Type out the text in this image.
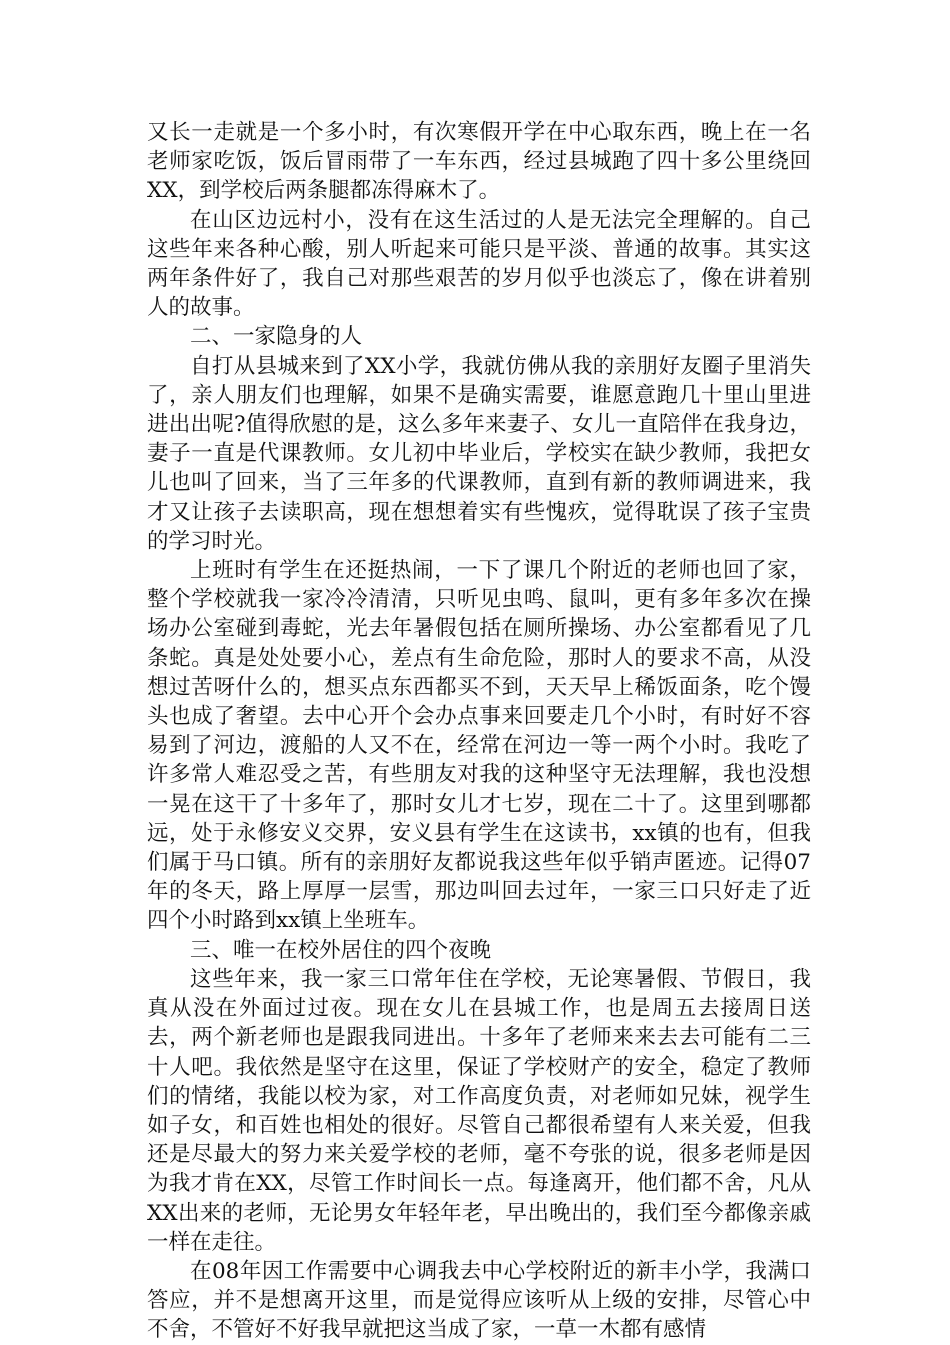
又长一走就是一个多小时，有次寒假开学在中心取东西，晚上在一名老师家吃饭，饭后冒雨带了一车东西，经过县城跑了四十多公里绕回XX，到学校后两条腿都冻得麻木了。

在山区边远村小，没有在这生活过的人是无法完全理解的。自己这些年来各种心酸，别人听起来可能只是平淡、普通的故事。其实这两年条件好了，我自己对那些艰苦的岁月似乎也淡忘了，像在讲着别人的故事。

二、一家隐身的人

自打从县城来到了XX小学，我就仿佛从我的亲朋好友圈子里消失了，亲人朋友们也理解，如果不是确实需要，谁愿意跑几十里山里进进出出呢?值得欣慰的是，这么多年来妻子、女儿一直陪伴在我身边，妻子一直是代课教师。女儿初中毕业后，学校实在缺少教师，我把女儿也叫了回来，当了三年多的代课教师，直到有新的教师调进来，我才又让孩子去读职高，现在想想着实有些愧疚，觉得耽误了孩子宝贵的学习时光。

上班时有学生在还挺热闹，一下了课几个附近的老师也回了家，整个学校就我一家冷冷清清，只听见虫鸣、鼠叫，更有多年多次在操场办公室碰到毒蛇，光去年暑假包括在厕所操场、办公室都看见了几条蛇。真是处处要小心，差点有生命危险，那时人的要求不高，从没想过苦呀什么的，想买点东西都买不到，天天早上稀饭面条，吃个馒头也成了奢望。去中心开个会办点事来回要走几个小时，有时好不容易到了河边，渡船的人又不在，经常在河边一等一两个小时。我吃了许多常人难忍受之苦，有些朋友对我的这种坚守无法理解，我也没想一晃在这干了十多年了，那时女儿才七岁，现在二十了。这里到哪都远，处于永修安义交界，安义县有学生在这读书，xx镇的也有，但我们属于马口镇。所有的亲朋好友都说我这些年似乎销声匿迹。记得07年的冬天，路上厚厚一层雪，那边叫回去过年，一家三口只好走了近四个小时路到xx镇上坐班车。

三、唯一在校外居住的四个夜晚

这些年来，我一家三口常年住在学校，无论寒暑假、节假日，我真从没在外面过过夜。现在女儿在县城工作，也是周五去接周日送去，两个新老师也是跟我同进出。十多年了老师来来去去可能有二三十人吧。我依然是坚守在这里，保证了学校财产的安全，稳定了教师们的情绪，我能以校为家，对工作高度负责，对老师如兄妹，视学生如子女，和百姓也相处的很好。尽管自己都很希望有人来关爱，但我还是尽最大的努力来关爱学校的老师，毫不夸张的说，很多老师是因为我才肯在XX，尽管工作时间长一点。每逢离开，他们都不舍，凡从XX出来的老师，无论男女年轻年老，早出晚出的，我们至今都像亲戚一样在走往。

在08年因工作需要中心调我去中心学校附近的新丰小学，我满口答应，并不是想离开这里，而是觉得应该听从上级的安排，尽管心中不舍，不管好不好我早就把这当成了家，一草一木都有感情
